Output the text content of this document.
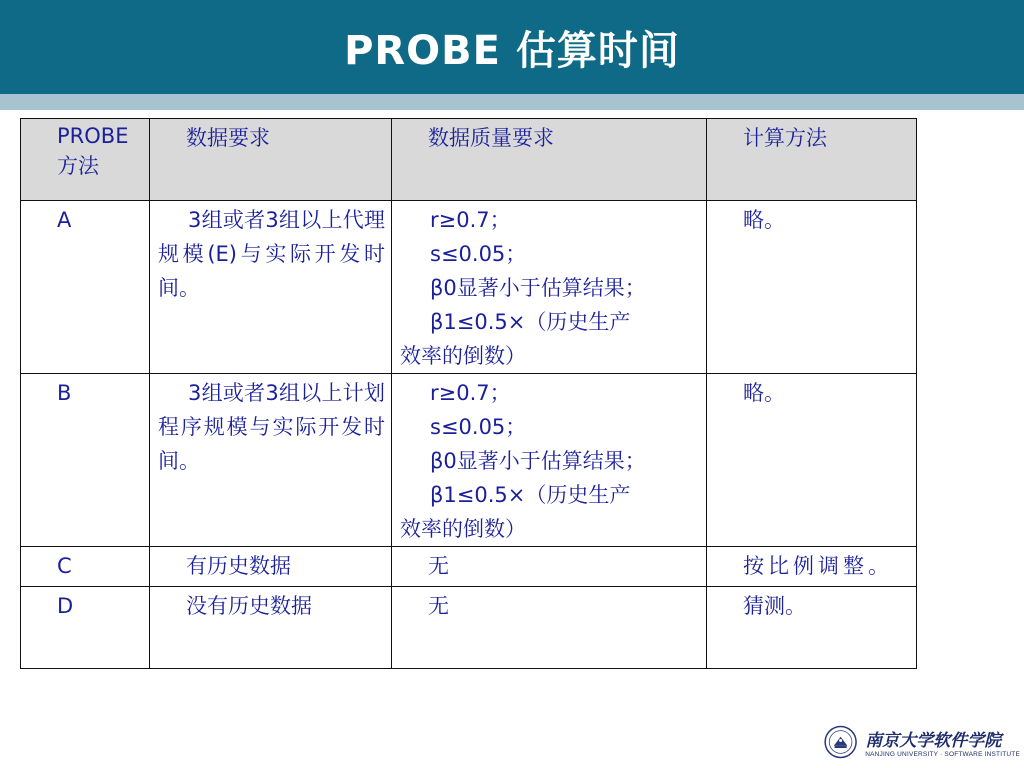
PROBE 估算时间
PROBE 方法	数据要求	数据质量要求	计算方法
A	3组或者3组以上代理规模(E)与实际开发时间。	r≥0.7；
s≤0.05；
β0显著小于估算结果；
β1≤0.5×（历史生产
效率的倒数）	略。
B	3组或者3组以上计划程序规模与实际开发时间。	r≥0.7；
s≤0.05；
β0显著小于估算结果；
β1≤0.5×（历史生产
效率的倒数）	略。
C	有历史数据	无	按比例调整。
D	没有历史数据	无	猜测。
南京大学软件学院
NANJING UNIVERSITY · SOFTWARE INSTITUTE
